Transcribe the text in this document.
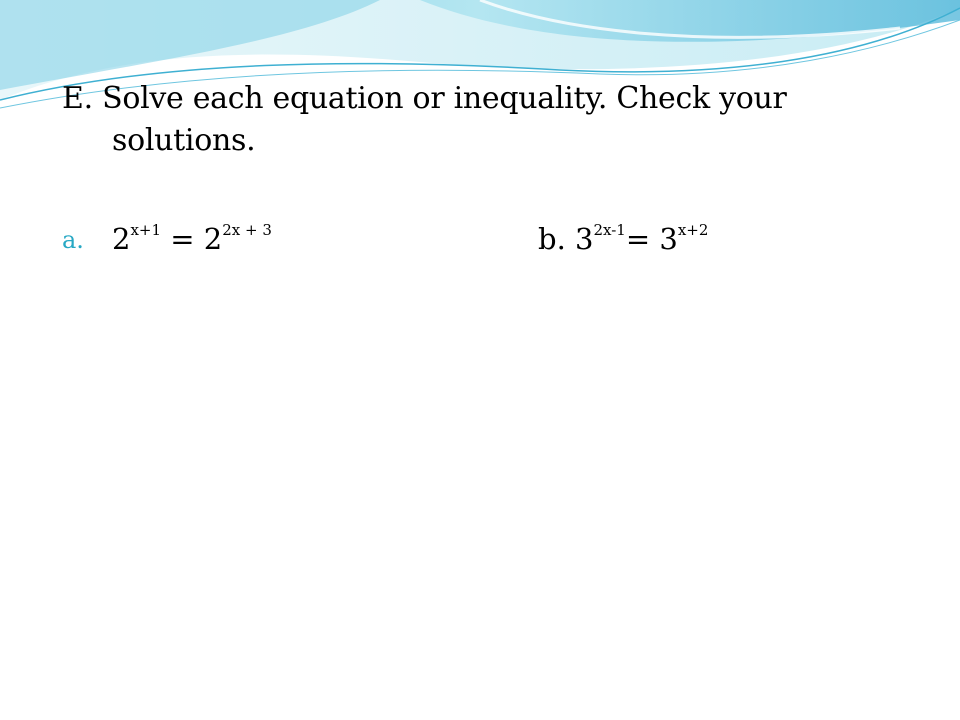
E. Solve each equation or inequality. Check your
solutions.
a. $2^{x+1} = 2^{2x + 3}$	b. $3^{2x-1}= 3^{x+2}$
